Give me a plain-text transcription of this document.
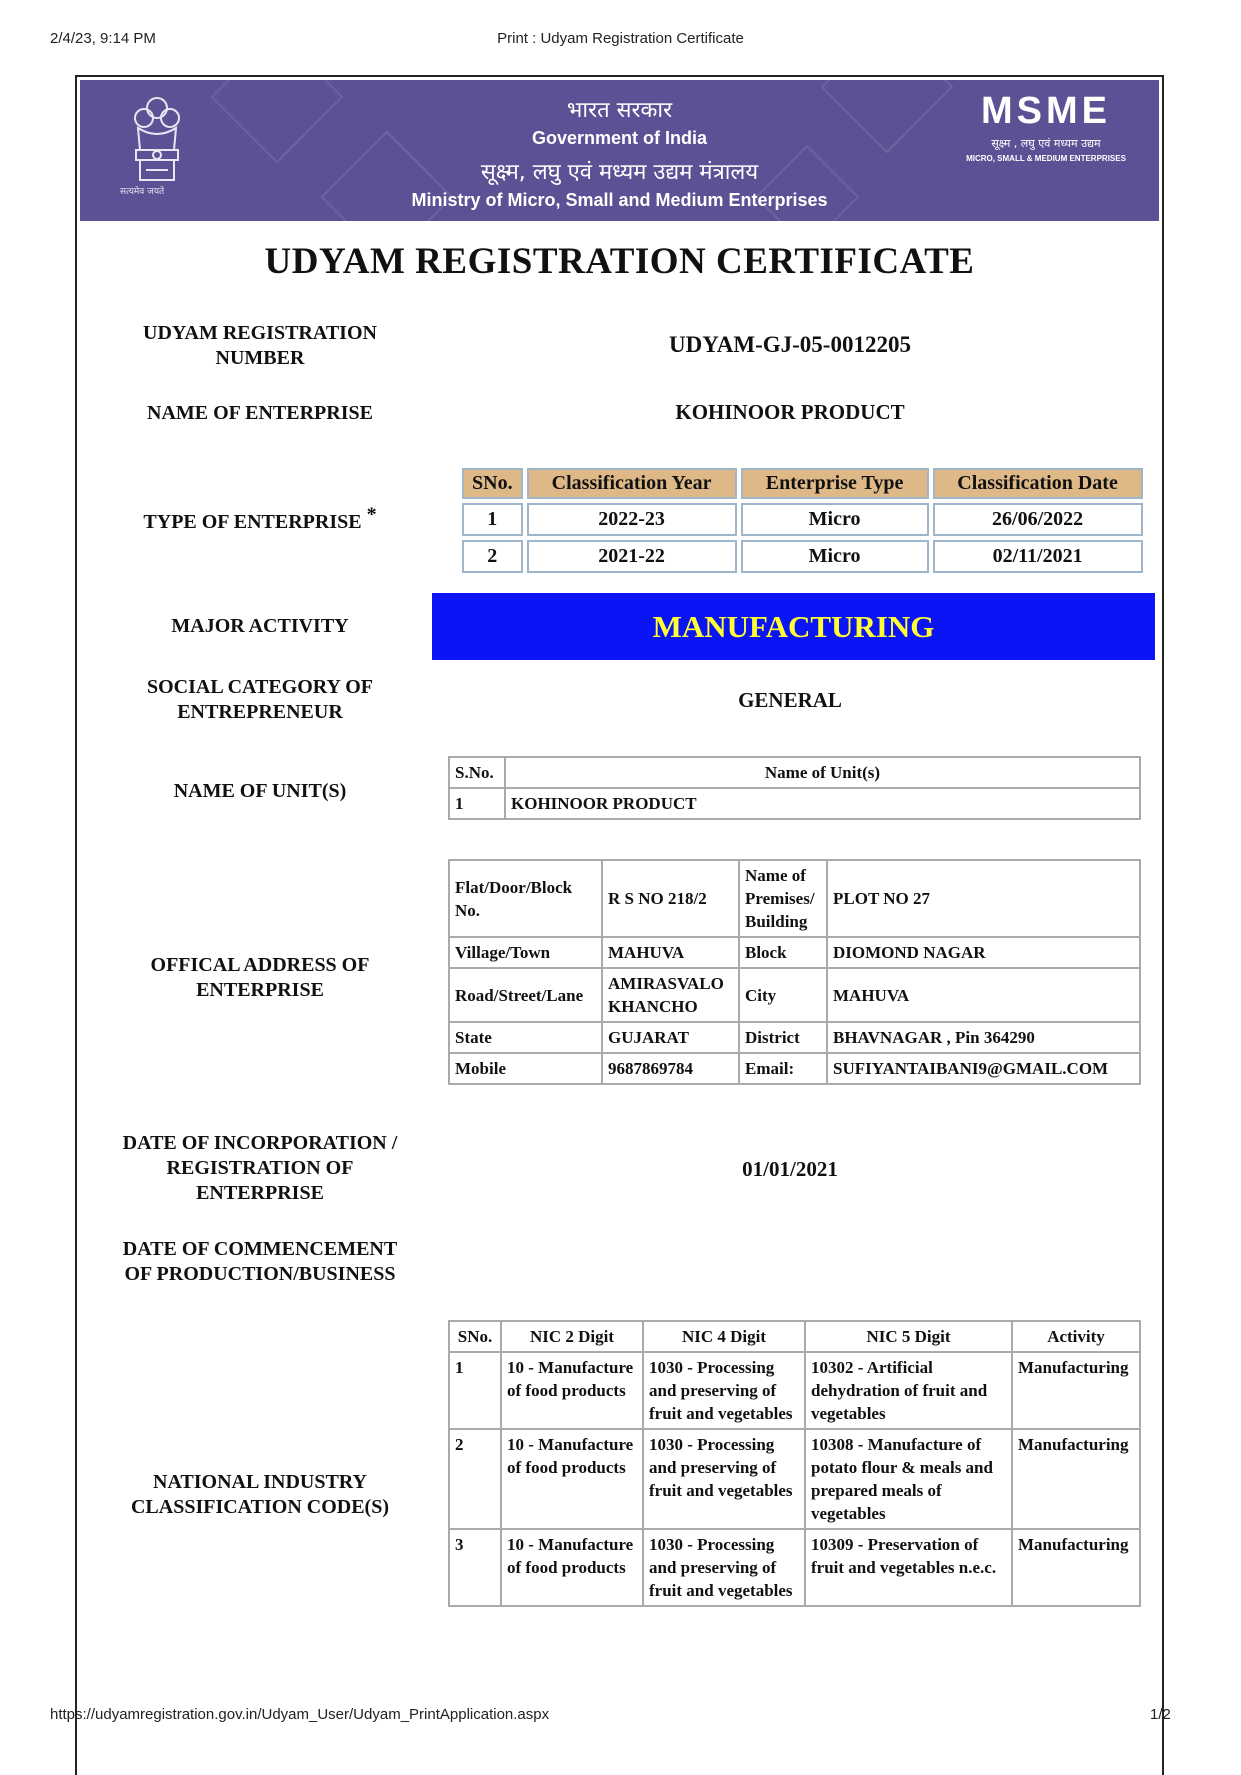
2/4/23, 9:14 PM	Print : Udyam Registration Certificate
सत्यमेव जयते
भारत सरकार
Government of India
सूक्ष्म, लघु एवं मध्यम उद्यम मंत्रालय
Ministry of Micro, Small and Medium Enterprises
MSME
सूक्ष्म , लघु एवं मध्यम उद्यम
MICRO, SMALL & MEDIUM ENTERPRISES
UDYAM REGISTRATION CERTIFICATE
UDYAM REGISTRATION
NUMBER
UDYAM-GJ-05-0012205
NAME OF ENTERPRISE	KOHINOOR PRODUCT
TYPE OF ENTERPRISE *
SNo.	Classification Year	Enterprise Type	Classification Date
1	2022-23	Micro	26/06/2022
2	2021-22	Micro	02/11/2021
MAJOR ACTIVITY	MANUFACTURING
SOCIAL CATEGORY OF
ENTREPRENEUR	GENERAL
NAME OF UNIT(S)
S.No.	Name of Unit(s)
1	KOHINOOR PRODUCT
OFFICAL ADDRESS OF
ENTERPRISE
Flat/Door/Block No.	R S NO 218/2	Name of Premises/ Building	PLOT NO 27
Village/Town	MAHUVA	Block	DIOMOND NAGAR
Road/Street/Lane	AMIRASVALO KHANCHO	City	MAHUVA
State	GUJARAT	District	BHAVNAGAR , Pin 364290
Mobile	9687869784	Email:	SUFIYANTAIBANI9@GMAIL.COM
DATE OF INCORPORATION /
REGISTRATION OF
ENTERPRISE
01/01/2021
DATE OF COMMENCEMENT
OF PRODUCTION/BUSINESS
NATIONAL INDUSTRY
CLASSIFICATION CODE(S)
SNo.	NIC 2 Digit	NIC 4 Digit	NIC 5 Digit	Activity
1	10 - Manufacture of food products	1030 - Processing and preserving of fruit and vegetables	10302 - Artificial dehydration of fruit and vegetables	Manufacturing
2	10 - Manufacture of food products	1030 - Processing and preserving of fruit and vegetables	10308 - Manufacture of potato flour & meals and prepared meals of vegetables	Manufacturing
3	10 - Manufacture of food products	1030 - Processing and preserving of fruit and vegetables	10309 - Preservation of fruit and vegetables n.e.c.	Manufacturing
https://udyamregistration.gov.in/Udyam_User/Udyam_PrintApplication.aspx	1/2
